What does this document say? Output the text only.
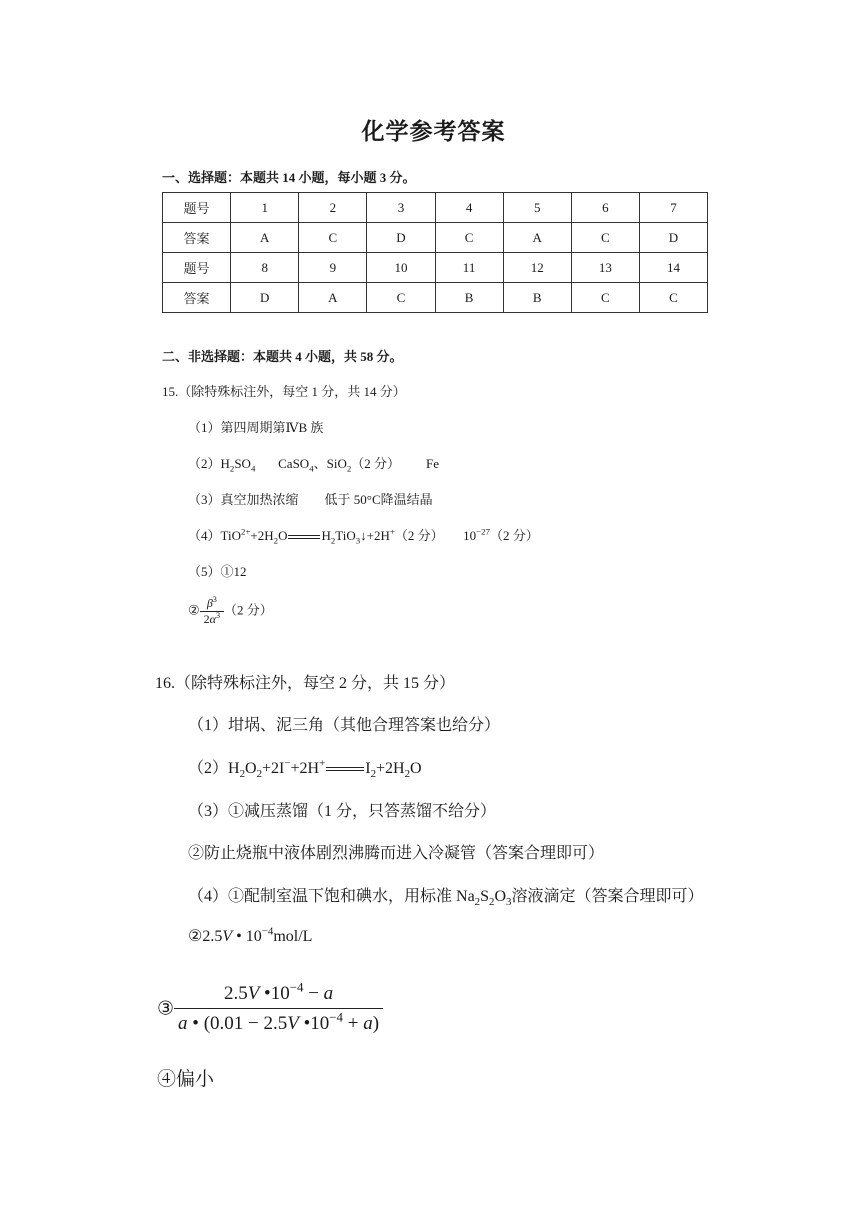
化学参考答案
一、选择题：本题共 14 小题，每小题 3 分。
题号	1	2	3	4	5	6	7
答案	A	C	D	C	A	C	D
题号	8	9	10	11	12	13	14
答案	D	A	C	B	B	C	C
二、非选择题：本题共 4 小题，共 58 分。
15.（除特殊标注外，每空 1 分，共 14 分）
（1）第四周期第ⅣB 族
$(2)H_2SO_4$ CaSO$_4$、SiO$_2$（2 分） Fe
（3）真空加热浓缩　　低于 50°C降温结晶
$(4)TiO^{2+}+2H_2O$	$H_2TiO_3↓+2H^+(2$ 分）      $10^{-27}(2$ 分）
（5）①12
② $\frac{\beta^3}{2\alpha^3} (2$ 分）
16.（除特殊标注外，每空 2 分，共 15 分）
（1）坩埚、泥三角（其他合理答案也给分）
$(2)H_2O_2+2I^-+2H^+$	$I_2+2H_2O$
（3）①减压蒸馏（1 分，只答蒸馏不给分）
②防止烧瓶中液体剧烈沸腾而进入冷凝管（答案合理即可）
（4）①配制室温下饱和碘水，用标准 $Na_2S_2O_3$溶液滴定（答案合理即可）
②2.5V • $10^{-4}mol/L$
③ $\frac{2.5V •10^{-4} - a}{a • (0.01 - 2.5V •10^{-4} + a)}$
④偏小
